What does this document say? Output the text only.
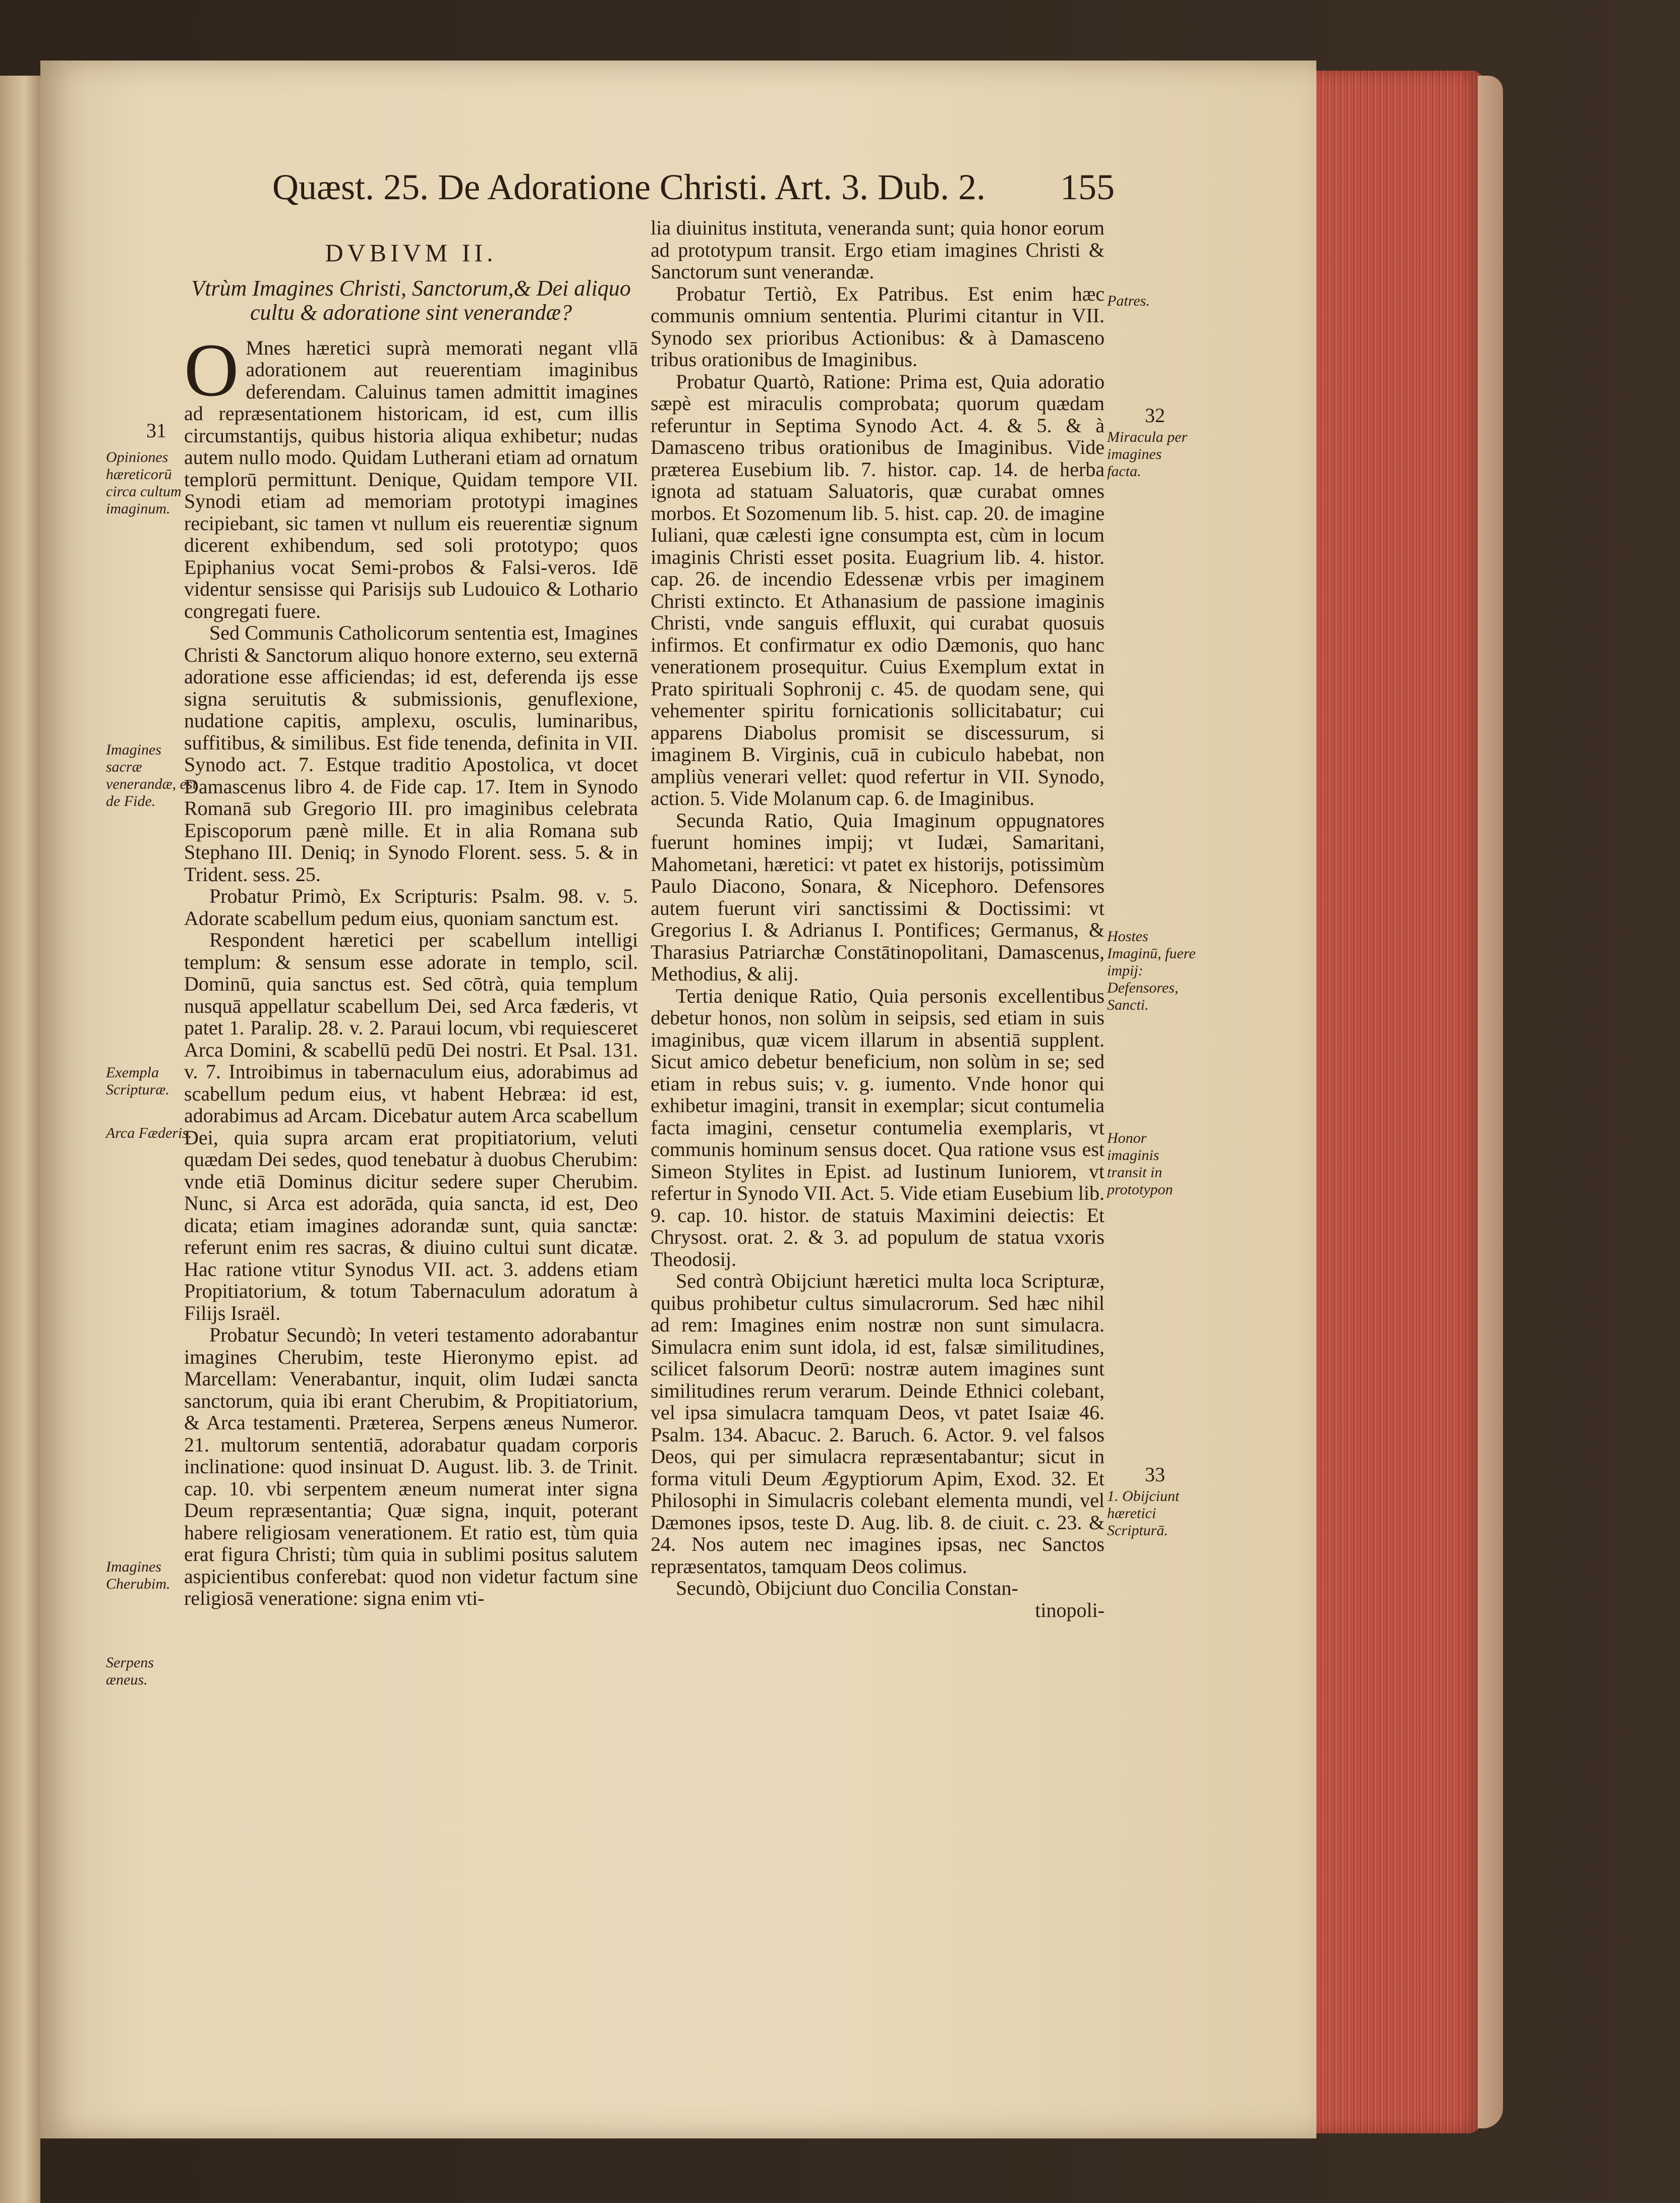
Quæst. 25. De Adoratione Christi. Art. 3. Dub. 2. 155
DVBIVM II.
Vtrùm Imagines Christi, Sanctorum,& Dei aliquo cultu & adoratione sint venerandæ?

O Mnes hæretici suprà memorati negant vllā adorationem aut reuerentiam imaginibus deferendam. Caluinus tamen admittit imagines ad repræsentationem historicam, id est, cum illis circumstantijs, quibus historia aliqua exhibetur; nudas autem nullo modo. Quidam Lutherani etiam ad ornatum templorū permittunt. Denique, Quidam tempore VII. Synodi etiam ad memoriam prototypi imagines recipiebant, sic tamen vt nullum eis reuerentiæ signum dicerent exhibendum, sed soli prototypo; quos Epiphanius vocat Semi-probos & Falsi-veros. Idē videntur sensisse qui Parisijs sub Ludouico & Lothario congregati fuere.

Sed Communis Catholicorum sententia est, Imagines Christi & Sanctorum aliquo honore externo, seu externā adoratione esse afficiendas; id est, deferenda ijs esse signa seruitutis & submissionis, genuflexione, nudatione capitis, amplexu, osculis, luminaribus, suffitibus, & similibus. Est fide tenenda, definita in VII. Synodo act. 7. Estque traditio Apostolica, vt docet Damascenus libro 4. de Fide cap. 17. Item in Synodo Romanā sub Gregorio III. pro imaginibus celebrata Episcoporum pænè mille. Et in alia Romana sub Stephano III. Deniq; in Synodo Florent. sess. 5. & in Trident. sess. 25.

Probatur Primò, Ex Scripturis: Psalm. 98. v. 5. Adorate scabellum pedum eius, quoniam sanctum est.

Respondent hæretici per scabellum intelligi templum: & sensum esse adorate in templo, scil. Dominū, quia sanctus est. Sed cōtrà, quia templum nusquā appellatur scabellum Dei, sed Arca fæderis, vt patet 1. Paralip. 28. v. 2. Paraui locum, vbi requiesceret Arca Domini, & scabellū pedū Dei nostri. Et Psal. 131. v. 7. Introibimus in tabernaculum eius, adorabimus ad scabellum pedum eius, vt habent Hebræa: id est, adorabimus ad Arcam. Dicebatur autem Arca scabellum Dei, quia supra arcam erat propitiatorium, veluti quædam Dei sedes, quod tenebatur à duobus Cherubim: vnde etiā Dominus dicitur sedere super Cherubim. Nunc, si Arca est adorāda, quia sancta, id est, Deo dicata; etiam imagines adorandæ sunt, quia sanctæ: referunt enim res sacras, & diuino cultui sunt dicatæ. Hac ratione vtitur Synodus VII. act. 3. addens etiam Propitiatorium, & totum Tabernaculum adoratum à Filijs Israël.

Probatur Secundò; In veteri testamento adorabantur imagines Cherubim, teste Hieronymo epist. ad Marcellam: Venerabantur, inquit, olim Iudæi sancta sanctorum, quia ibi erant Cherubim, & Propitiatorium, & Arca testamenti. Præterea, Serpens æneus Numeror. 21. multorum sententiā, adorabatur quadam corporis inclinatione: quod insinuat D. August. lib. 3. de Trinit. cap. 10. vbi serpentem æneum numerat inter signa Deum repræsentantia; Quæ signa, inquit, poterant habere religiosam venerationem. Et ratio est, tùm quia erat figura Christi; tùm quia in sublimi positus salutem aspicientibus conferebat: quod non videtur factum sine religiosā veneratione: signa enim vti-

lia diuinitus instituta, veneranda sunt; quia honor eorum ad prototypum transit. Ergo etiam imagines Christi & Sanctorum sunt venerandæ.

Probatur Tertiò, Ex Patribus. Est enim hæc communis omnium sententia. Plurimi citantur in VII. Synodo sex prioribus Actionibus: & à Damasceno tribus orationibus de Imaginibus.

Probatur Quartò, Ratione: Prima est, Quia adoratio sæpè est miraculis comprobata; quorum quædam referuntur in Septima Synodo Act. 4. & 5. & à Damasceno tribus orationibus de Imaginibus. Vide præterea Eusebium lib. 7. histor. cap. 14. de herba ignota ad statuam Saluatoris, quæ curabat omnes morbos. Et Sozomenum lib. 5. hist. cap. 20. de imagine Iuliani, quæ cælesti igne consumpta est, cùm in locum imaginis Christi esset posita. Euagrium lib. 4. histor. cap. 26. de incendio Edessenæ vrbis per imaginem Christi extincto. Et Athanasium de passione imaginis Christi, vnde sanguis effluxit, qui curabat quosuis infirmos. Et confirmatur ex odio Dæmonis, quo hanc venerationem prosequitur. Cuius Exemplum extat in Prato spirituali Sophronij c. 45. de quodam sene, qui vehementer spiritu fornicationis sollicitabatur; cui apparens Diabolus promisit se discessurum, si imaginem B. Virginis, cuā in cubiculo habebat, non ampliùs venerari vellet: quod refertur in VII. Synodo, action. 5. Vide Molanum cap. 6. de Imaginibus.

Secunda Ratio, Quia Imaginum oppugnatores fuerunt homines impij; vt Iudæi, Samaritani, Mahometani, hæretici: vt patet ex historijs, potissimùm Paulo Diacono, Sonara, & Nicephoro. Defensores autem fuerunt viri sanctissimi & Doctissimi: vt Gregorius I. & Adrianus I. Pontifices; Germanus, & Tharasius Patriarchæ Constātinopolitani, Damascenus, Methodius, & alij.

Tertia denique Ratio, Quia personis excellentibus debetur honos, non solùm in seipsis, sed etiam in suis imaginibus, quæ vicem illarum in absentiā supplent. Sicut amico debetur beneficium, non solùm in se; sed etiam in rebus suis; v. g. iumento. Vnde honor qui exhibetur imagini, transit in exemplar; sicut contumelia facta imagini, censetur contumelia exemplaris, vt communis hominum sensus docet. Qua ratione vsus est Simeon Stylites in Epist. ad Iustinum Iuniorem, vt refertur in Synodo VII. Act. 5. Vide etiam Eusebium lib. 9. cap. 10. histor. de statuis Maximini deiectis: Et Chrysost. orat. 2. & 3. ad populum de statua vxoris Theodosij.

Sed contrà Obijciunt hæretici multa loca Scripturæ, quibus prohibetur cultus simulacrorum. Sed hæc nihil ad rem: Imagines enim nostræ non sunt simulacra. Simulacra enim sunt idola, id est, falsæ similitudines, scilicet falsorum Deorū: nostræ autem imagines sunt similitudines rerum verarum. Deinde Ethnici colebant, vel ipsa simulacra tamquam Deos, vt patet Isaiæ 46. Psalm. 134. Abacuc. 2. Baruch. 6. Actor. 9. vel falsos Deos, qui per simulacra repræsentabantur; sicut in forma vituli Deum Ægyptiorum Apim, Exod. 32. Et Philosophi in Simulacris colebant elementa mundi, vel Dæmones ipsos, teste D. Aug. lib. 8. de ciuit. c. 23. & 24. Nos autem nec imagines ipsas, nec Sanctos repræsentatos, tamquam Deos colimus.

Secundò, Obijciunt duo Concilia Constan-

tinopoli-

31
Opiniones hæreticorū circa cultum imaginum.
Imagines sacræ venerandæ, est de Fide.
Exempla Scripturæ.
Arca Fæderis.
Imagines Cherubim.
Serpens æneus.
Patres.
32
Miracula per imagines facta.
Hostes Imaginū, fuere impij: Defensores, Sancti.
Honor imaginis transit in prototypon
33
1. Obijciunt hæretici Scripturā.
